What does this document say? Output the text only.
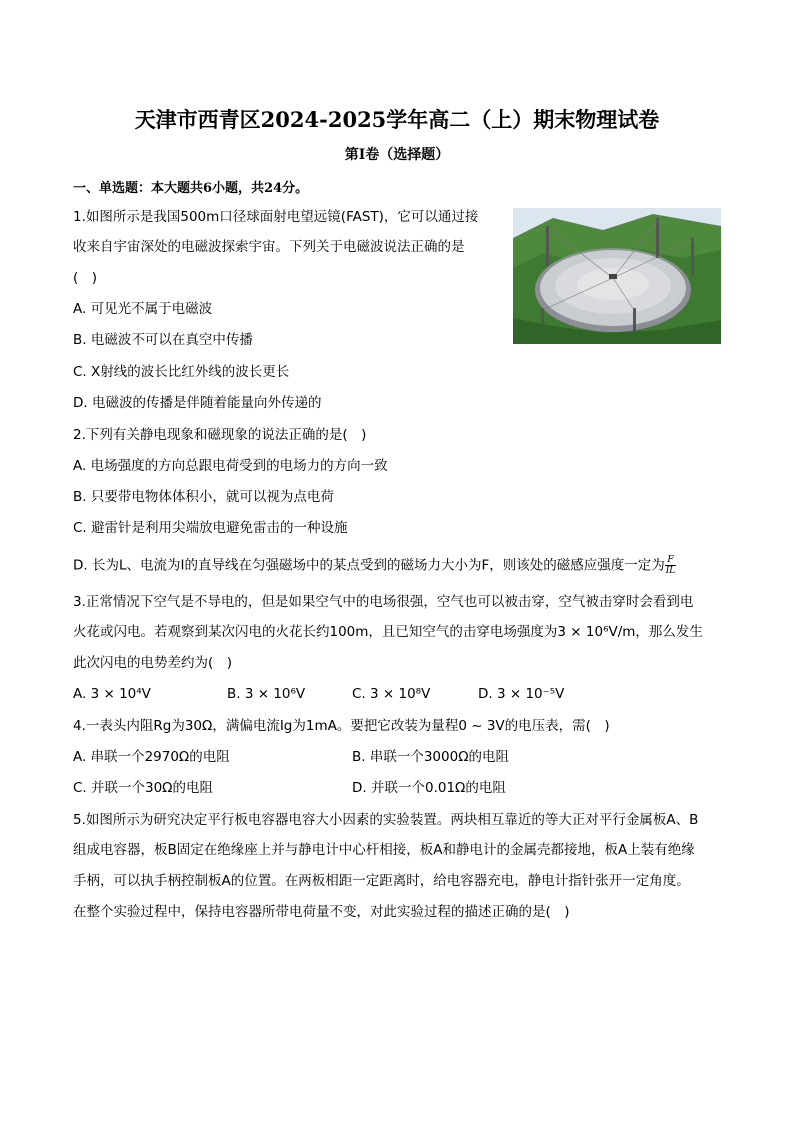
天津市西青区2024-2025学年高二（上）期末物理试卷
第I卷（选择题）
一、单选题：本大题共6小题，共24分。
1.如图所示是我国500m口径球面射电望远镜(FAST)，它可以通过接
收来自宇宙深处的电磁波探索宇宙。下列关于电磁波说法正确的是
(　)
A. 可见光不属于电磁波
B. 电磁波不可以在真空中传播
C. X射线的波长比红外线的波长更长
D. 电磁波的传播是伴随着能量向外传递的
2.下列有关静电现象和磁现象的说法正确的是(　)
A. 电场强度的方向总跟电荷受到的电场力的方向一致
B. 只要带电物体体积小，就可以视为点电荷
C. 避雷针是利用尖端放电避免雷击的一种设施
D. 长为L、电流为I的直导线在匀强磁场中的某点受到的磁场力大小为F，则该处的磁感应强度一定为 $\frac{F}{IL}$
3.正常情况下空气是不导电的，但是如果空气中的电场很强，空气也可以被击穿，空气被击穿时会看到电
火花或闪电。若观察到某次闪电的火花长约100m，且已知空气的击穿电场强度为3 × 10⁶V/m，那么发生
此次闪电的电势差约为(　)
A. 3 × 10⁴V	B. 3 × 10⁶V	C. 3 × 10⁸V	D. 3 × 10⁻⁵V
4.一表头内阻Rg为30Ω，满偏电流Ig为1mA。要把它改装为量程0 ~ 3V的电压表，需(　)
A. 串联一个2970Ω的电阻	B. 串联一个3000Ω的电阻
C. 并联一个30Ω的电阻	D. 并联一个0.01Ω的电阻
5.如图所示为研究决定平行板电容器电容大小因素的实验装置。两块相互靠近的等大正对平行金属板A、B
组成电容器，板B固定在绝缘座上并与静电计中心杆相接，板A和静电计的金属壳都接地，板A上装有绝缘
手柄，可以执手柄控制板A的位置。在两板相距一定距离时，给电容器充电，静电计指针张开一定角度。
在整个实验过程中，保持电容器所带电荷量不变，对此实验过程的描述正确的是(　)
